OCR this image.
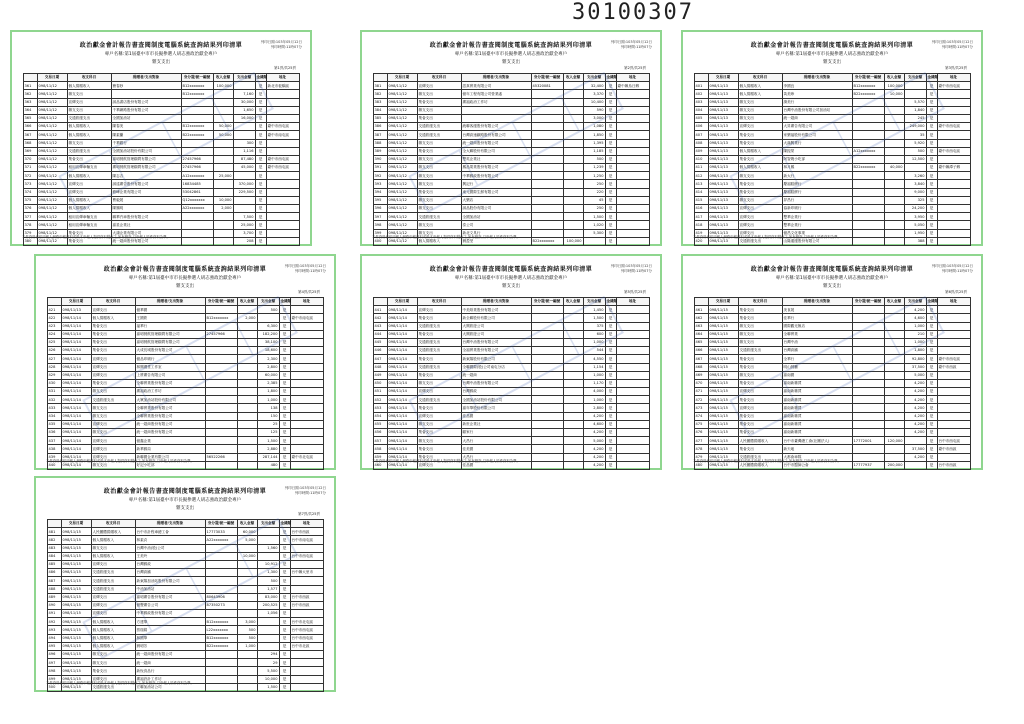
30100307
列印日期:103年05月12日
列印時間:11時07分
政治獻金會計報告書查閱制度電腦系統查詢結果列印清單
專戶名稱:第1屆臺中市市長擬參選人胡志強政治獻金專戶
雜支支出
第1頁/共25頁
	交易日期	收支科目	捐贈者/支出對象	身分證/統一編號	收入金額	支出金額	金錢類	地址
361	098/11/12	個人捐贈收入	簡春妙	B12xxxxxxx	100,000		是	新北市板橋區
362	098/11/12	雜支支出		B12xxxxxxx		7,160	是	
363	098/11/12	宣傳支出	誠品書店股份有限公司			30,000	是	
364	098/11/12	雜支支出	千華網路股份有限公司			1,650	是	
365	098/11/12	交通旅運支出	全國加油站			16,000	是	
366	098/11/12	個人捐贈收入	陳春美	B12xxxxxxx	50,000		是	臺中市西屯區
367	098/11/12	個人捐贈收入	陳素蘭	B22xxxxxxx	50,000		是	臺中市南屯區
368	098/11/12	雜支支出	千華銀行			300	是	
369	098/11/12	交通旅運支出	全國加油站股份有限公司			1,116	是	
370	098/11/12	集會支出	嘉明餐飲管理顧問有限公司	27457966		87,480	是	臺中市西屯區
371	098/11/12	租用宣傳車輛支出	廣明餐飲管理顧問有限公司	27457966		45,000	是	臺中市西屯區
372	098/11/12	個人捐贈收入	陳志吉	A12xxxxxxx	25,000		是	
373	098/11/12	宣傳支出	誠遠廣告股份有限公司	16834485		370,000	是	
374	098/11/12	宣傳支出	藝峰企業有限公司	53042861		229,500	是	
375	098/11/12	個人捐贈收入	曹毅展	Q12xxxxxxx	10,000		是	
376	098/11/12	個人捐贈收入	陳鳳明	A22xxxxxxx	2,000		是	
377	098/11/12	租用宣傳車輛支出	聯華汽車股份有限公司			7,500	是	
378	098/11/12	租用宣傳車輛支出	嘉星企業社			25,000	是	
379	098/11/12	集會支出	大鴻企業有限公司			3,700	是	
380	098/11/12	集會支出	統一超商股份有限公司			208	是	
本件資料係依申報人網路申報資料或紙本申報人提供資料製作之,如有錯誤,以申報人原件資料為準。
列印日期:103年05月12日
列印時間:11時07分
政治獻金會計報告書查閱制度電腦系統查詢結果列印清單
專戶名稱:第1屆臺中市市長擬參選人胡志強政治獻金專戶
雜支支出
第2頁/共25頁
	交易日期	收支科目	捐贈者/支出對象	身分證/統一編號	收入金額	支出金額	金錢類	地址
381	098/11/12	宣傳支出	認真實業有限公司	45320081		32,400	是	臺中縣烏日鄉
382	098/11/12	雜支支出	億年工程有限公司營業處			3,370	是	
383	098/11/12	集會支出	廣福政治工作坊			10,400	是	
384	098/11/12	雜支支出				590	是	
385	098/11/12	集會支出				3,000	是	
386	098/11/12	交通旅運支出	統聯客運股份有限公司			1,080	是	
387	098/11/12	交通旅運支出	台灣高速鐵路股份有限公司			1,850	是	
388	098/11/12	雜支支出	統一超商股份有限公司			1,395	是	
389	098/11/12	集會支出	全大聯股份有限公司			1,185	是	
390	098/11/12	雜支支出	雙英企業社			500	是	
391	098/11/12	雜支支出	鳳品果業股份有限公司			1,239	是	
392	098/11/12	雜支支出	中華郵政股份有限公司			1,250	是	
393	098/11/12	雜支支出	興記行			250	是	
394	098/11/12	集會支出	東元國際生鮮有限公司			220	是	
395	098/11/12	雜支支出	大樂店			45	是	
396	098/11/12	雜支支出	誠品股份有限公司			250	是	
397	098/11/12	交通旅運支出	全國加油站			1,500	是	
398	098/11/12	雜支支出	泰公司			1,020	是	
399	098/11/12	雜支支出	新北文具行			5,300	是	
400	098/11/12	個人捐贈收入	劉盈瑩	B22xxxxxxx	100,000		是	
本件資料係依申報人網路申報資料或紙本申報人提供資料製作之,如有錯誤,以申報人原件資料為準。
列印日期:103年05月12日
列印時間:11時07分
政治獻金會計報告書查閱制度電腦系統查詢結果列印清單
專戶名稱:第1屆臺中市市長擬參選人胡志強政治獻金專戶
雜支支出
第3頁/共25頁
	交易日期	收支科目	捐贈者/支出對象	身分證/統一編號	收入金額	支出金額	金錢類	地址
401	098/11/13	個人捐贈收入	李國良	B12xxxxxxx	100,000		是	臺中市西屯區
402	098/11/13	個人捐贈收入	黃美珍	B22xxxxxxx	10,000		是	
403	098/11/13	雜支支出	謝美行			5,570	是	
404	098/11/13	雜支支出	台灣中油股份有限公司加油站			1,840	是	
405	098/11/13	雜支支出	統一超商			245	是	
406	098/11/13	宣傳支出	大昇廣告有限公司			249,000	是	臺中市西屯區
407	098/11/13	集會支出	家樂福股份有限公司			35	是	
408	098/11/13	集會支出	大滿興業行			5,920	是	
409	098/11/13	個人捐贈收入	陳振榮	A12xxxxxxx		500	是	臺中市西屯區
410	098/11/13	集會支出	阿智燒小吃部			12,500	是	
411	098/11/13	個人捐贈收入	林月鳳	B22xxxxxxx	40,000		是	臺中縣潭子鄉
412	098/11/13	雜支支出	新大行			3,260	是	
413	098/11/13	集會支出	慶福糕餅行			3,840	是	
414	098/11/13	集會支出	慶福糕餅行			9,000	是	
415	098/11/13	雜支支出	昇昌行			325	是	
416	098/11/13	宣傳支出	協新印刷行			24,200	是	
417	098/11/13	宣傳支出	雙華企業行			3,950	是	
418	098/11/13	宣傳支出	雙華企業行			5,050	是	
419	098/11/13	宣傳支出	億昌文化事業			1,950	是	
420	098/11/13	交通旅運支出	山隆通運股份有限公司			388	是	
本件資料係依申報人網路申報資料或紙本申報人提供資料製作之,如有錯誤,以申報人原件資料為準。
列印日期:103年05月12日
列印時間:11時07分
政治獻金會計報告書查閱制度電腦系統查詢結果列印清單
專戶名稱:第1屆臺中市市長擬參選人胡志強政治獻金專戶
雜支支出
第4頁/共25頁
	交易日期	收支科目	捐贈者/支出對象	身分證/統一編號	收入金額	支出金額	金錢類	地址
421	098/11/13	宣傳支出	億華國			500	是	
422	098/11/14	個人捐贈收入	王國欽	B12xxxxxxx	2,000		是	臺中市南屯區
423	098/11/14	集會支出	福華行			6,300	是	
424	098/11/14	集會支出	嘉明餐飲管理顧問有限公司	27457966		182,200	是	
425	098/11/14	集會支出	嘉明餐飲管理顧問有限公司			38,100	是	
426	098/11/14	集會支出	大成長城股份有限公司			18,600	是	
427	098/11/14	宣傳支出	億品印刷行			2,300	是	
428	098/11/14	宣傳支出	林興禮堂工作室			2,800	是	
429	098/11/14	宣傳支出	上將廣告有限公司			60,000	是	
430	098/11/14	集會支出	全聯實業股份有限公司			2,385	是	
431	098/11/14	雜支支出	廣福政治工作坊			1,800	是	
432	098/11/14	交通旅運支出	大眾加油站股份有限公司			1,000	是	
433	098/11/14	雜支支出	全聯實業股份有限公司			138	是	
434	098/11/14	雜支支出	全聯實業股份有限公司			150	是	
435	098/11/14	宣傳支出	統一超商股份有限公司			25	是	
436	098/11/14	雜支支出	統一超商股份有限公司			125	是	
437	098/11/14	宣傳支出	億鑫企業			1,500	是	
438	098/11/14	宣傳支出	新華郵局			2,880	是	
439	098/11/14	宣傳支出	新聯國企業有限公司	56522266		287,144	是	臺中市北屯區
440	098/11/14	雜支支出	好記小吃部			480	是	
本件資料係依申報人網路申報資料或紙本申報人提供資料製作之,如有錯誤,以申報人原件資料為準。
列印日期:103年05月12日
列印時間:11時07分
政治獻金會計報告書查閱制度電腦系統查詢結果列印清單
專戶名稱:第1屆臺中市市長擬參選人胡志強政治獻金專戶
雜支支出
第5頁/共25頁
	交易日期	收支科目	捐贈者/支出對象	身分證/統一編號	收入金額	支出金額	金錢類	地址
441	098/11/14	宣傳支出	中美紙業股份有限公司			1,450	是	
442	098/11/14	集會支出	新全聯股份有限公司			1,500	是	
443	098/11/14	交通旅運支出	大興旅遊公司			375	是	
444	098/11/14	集會支出	大興旅遊公司			600	是	
445	098/11/14	交通旅運支出	台灣中油股份有限公司			1,000	是	
446	098/11/14	交通旅運支出	全福實業股份有限公司			544	是	
447	098/11/14	集會支出	新東陽股份有限公司			4,550	是	
448	098/11/14	交通旅運支出	全聯國際(股)公司南屯分店			1,154	是	
449	098/11/14	集會支出	統一超商			1,000	是	
450	098/11/14	雜支支出	台灣中油股份有限公司			1,170	是	
451	098/11/14	宣傳支出	台灣郵政			4,000	是	
452	098/11/14	交通旅運支出	全國加油站股份有限公司			1,000	是	
453	098/11/14	集會支出	嘉年華股份有限公司			2,800	是	
454	098/11/14	宣傳支出	佳品國			4,200	是	
455	098/11/14	雜支支出	新世企業社			4,600	是	
456	098/11/14	集會支出	顧家行			4,200	是	
457	098/11/14	雜支支出	大昌行			5,000	是	
458	098/11/14	集會支出	佳美國			4,200	是	
459	098/11/14	集會支出	大昌行			4,200	是	
460	098/11/14	宣傳支出	佳品國			4,200	是	
本件資料係依申報人網路申報資料或紙本申報人提供資料製作之,如有錯誤,以申報人原件資料為準。
列印日期:103年05月12日
列印時間:11時07分
政治獻金會計報告書查閱制度電腦系統查詢結果列印清單
專戶名稱:第1屆臺中市市長擬參選人胡志強政治獻金專戶
雜支支出
第6頁/共25頁
	交易日期	收支科目	捐贈者/支出對象	身分證/統一編號	收入金額	支出金額	金錢類	地址
461	098/11/15	集會支出	美食展			4,200	是	
462	098/11/15	集會支出	佳華行			4,600	是	
463	098/11/15	雜支支出	國際觀光飯店			1,000	是	
464	098/11/15	雜支支出	全聯實業			210	是	
465	098/11/15	雜支支出	台灣中油			1,000	是	
466	098/11/15	交通旅運支出	台灣高鐵			1,800	是	
467	098/11/15	集會支出	全華行			92,800	是	臺中市西屯區
468	098/11/15	集會支出	明山餐廳			37,500	是	臺中市西區
469	098/11/15	雜支支出	嘉南國			5,000	是	
470	098/11/15	集會支出	嘉南新雜貨			4,200	是	
471	098/11/15	宣傳支出	嘉南新雜貨			4,200	是	
472	098/11/15	集會支出	嘉南新雜貨			4,200	是	
473	098/11/15	宣傳支出	嘉南新雜貨			4,200	是	
474	098/11/15	集會支出	嘉南新雜貨			4,200	是	
475	098/11/15	集會支出	嘉南新雜貨			4,200	是	
476	098/11/15	集會支出	嘉南新雜貨			4,200	是	
477	098/11/15	人民團體捐贈收入	台中市臺灣總工會(社團法人)	17772001	120,000		是	台中市西屯區
478	098/11/15	集會支出	新天地			37,500	是	臺中市西區
479	098/11/15	交通旅運支出	大都會車隊			4,200	是	
480	098/11/15	人民團體捐贈收入	台中市醫師公會	17777937	200,000		是	台中市西區
本件資料係依申報人網路申報資料或紙本申報人提供資料製作之,如有錯誤,以申報人原件資料為準。
列印日期:103年05月12日
列印時間:11時07分
政治獻金會計報告書查閱制度電腦系統查詢結果列印清單
專戶名稱:第1屆臺中市市長擬參選人胡志強政治獻金專戶
雜支支出
第7頁/共25頁
	交易日期	收支科目	捐贈者/支出對象	身分證/統一編號	收入金額	支出金額	金錢類	地址
481	098/11/15	人民團體捐贈收入	台中市計程車總工會	17773033	60,000		是	台中市西區
482	098/11/15	個人捐贈收入	林素貞	A22xxxxxxx	5,000		是	台中市南屯區
483	098/11/15	雜支支出	台灣中油(股)公司			1,560	是	
484	098/11/15	個人捐贈收入	王美玲		10,000		是	台中市西屯區
485	098/11/15	宣傳支出	台灣郵政			10,912	是	
486	098/11/15	交通旅運支出	台灣高鐵			1,300	是	台中縣大里市
487	098/11/15	交通旅運支出	新東陽加油站股份有限公司			500	是	
488	098/11/15	交通旅運支出	中油加油站			1,577	是	
489	098/11/15	宣傳支出	嘉明廣告股份有限公司	80643906		83,000	是	台中市西區
490	098/11/15	宣傳支出	億豐廣告公司	87350273		200,525	是	台中市西區
491	098/11/15	宣傳支出	中華郵政股份有限公司			1,056	是	
492	098/11/15	個人捐贈收入	方建華	B12xxxxxxx	3,000		是	台中市北屯區
493	098/11/15	個人捐贈收入	蔡瑞娟	L22xxxxxxx	500		是	台中市西屯區
494	098/11/15	個人捐贈收入	林國華	B12xxxxxxx	500		是	台中市西屯區
495	098/11/15	個人捐贈收入	劉明芳	B22xxxxxxx	1,000		是	台中市北區
496	098/11/15	雜支支出	統一超商股份有限公司			294	是	
497	098/11/15	雜支支出	統一超商			29	是	
498	098/11/15	集會支出	新悅食品行			5,500	是	
499	098/11/15	宣傳支出	廣福設計工作坊			10,000	是	
500	098/11/15	交通旅運支出	宏聯加油站公司			1,500	是	
本件資料係依申報人網路申報資料或紙本申報人提供資料製作之,如有錯誤,以申報人原件資料為準。
